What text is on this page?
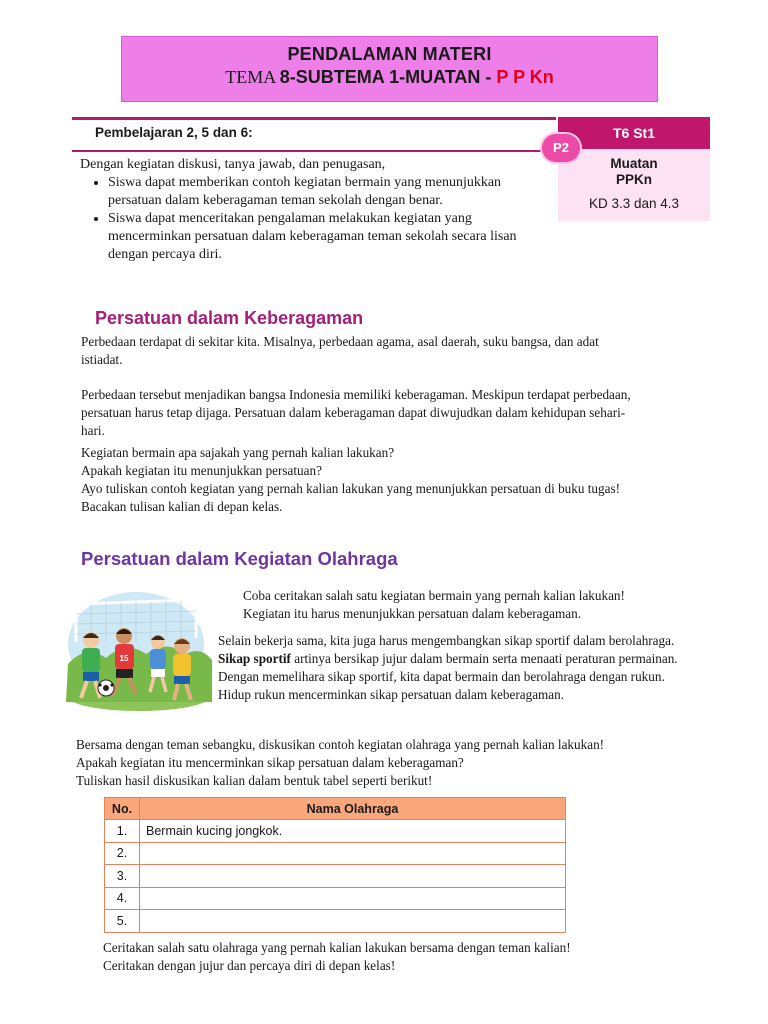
PENDALAMAN MATERI
TEMA 8-SUBTEMA 1-MUATAN - P P Kn
Pembelajaran 2, 5 dan 6:	T6 St1
Muatan
PPKn
KD 3.3 dan 4.3
P2
Dengan kegiatan diskusi, tanya jawab, dan penugasan,
• Siswa dapat memberikan contoh kegiatan bermain yang menunjukkan persatuan dalam keberagaman teman sekolah dengan benar.
• Siswa dapat menceritakan pengalaman melakukan kegiatan yang mencerminkan persatuan dalam keberagaman teman sekolah secara lisan dengan percaya diri.
Persatuan dalam Keberagaman
Perbedaan terdapat di sekitar kita. Misalnya, perbedaan agama, asal daerah, suku bangsa, dan adat
istiadat.
Perbedaan tersebut menjadikan bangsa Indonesia memiliki keberagaman. Meskipun terdapat perbedaan,
persatuan harus tetap dijaga. Persatuan dalam keberagaman dapat diwujudkan dalam kehidupan sehari-
hari.
Kegiatan bermain apa sajakah yang pernah kalian lakukan?
Apakah kegiatan itu menunjukkan persatuan?
Ayo tuliskan contoh kegiatan yang pernah kalian lakukan yang menunjukkan persatuan di buku tugas!
Bacakan tulisan kalian di depan kelas.
Persatuan dalam Kegiatan Olahraga
15
Coba ceritakan salah satu kegiatan bermain yang pernah kalian lakukan!
Kegiatan itu harus menunjukkan persatuan dalam keberagaman.
Selain bekerja sama, kita juga harus mengembangkan sikap sportif dalam berolahraga.
Sikap sportif artinya bersikap jujur dalam bermain serta menaati peraturan permainan.
Dengan memelihara sikap sportif, kita dapat bermain dan berolahraga dengan rukun.
Hidup rukun mencerminkan sikap persatuan dalam keberagaman.
Bersama dengan teman sebangku, diskusikan contoh kegiatan olahraga yang pernah kalian lakukan!
Apakah kegiatan itu mencerminkan sikap persatuan dalam keberagaman?
Tuliskan hasil diskusikan kalian dalam bentuk tabel seperti berikut!
No.	Nama Olahraga
1.	Bermain kucing jongkok.
2.	
3.	
4.	
5.	
Ceritakan salah satu olahraga yang pernah kalian lakukan bersama dengan teman kalian!
Ceritakan dengan jujur dan percaya diri di depan kelas!
